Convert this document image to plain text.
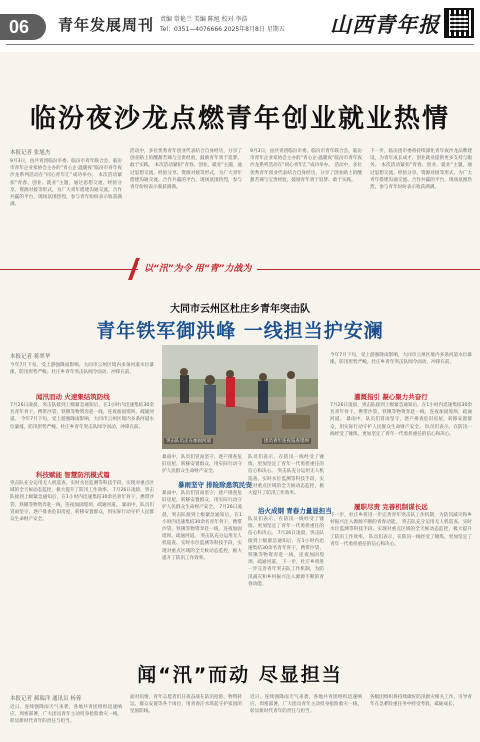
06	青年发展周刊 责编 常艳兰 美编 陈旭 校对 李浩
Tel：0351—4076666 2025年8月8日 星期五 山西青年报
临汾夜沙龙点燃青年创业就业热情
本报记者 张旭杰
9月3日，由共青团临汾市委、临汾市青年联合会、临汾市青年企业家协会主办的“青心企·温暖夜”临汾市青年夜沙龙系列活动在“同心青年汇”成功举办。 本次活动紧扣“青春、创业、就业”主题，通过思想交流、经验分享、资源对接等形式，为广大青年搭建沟通交流、合作共赢的平台，现场氛围热烈，参与青年纷纷表示收获满满。
活动中，多位优秀青年创业代表结合自身经历，分享了创业路上的酸甜苦辣与宝贵经验，鼓励青年勇于追梦、敢于实践。 本次活动紧扣“青春、创业、就业”主题，通过思想交流、经验分享、资源对接等形式，为广大青年搭建沟通交流、合作共赢的平台，现场氛围热烈，参与青年纷纷表示收获满满。
9月3日，由共青团临汾市委、临汾市青年联合会、临汾市青年企业家协会主办的“青心企·温暖夜”临汾市青年夜沙龙系列活动在“同心青年汇”成功举办。 活动中，多位优秀青年创业代表结合自身经历，分享了创业路上的酸甜苦辣与宝贵经验，鼓励青年勇于追梦、敢于实践。
下一步，临汾团市委将持续深化青年夜沙龙品牌建设，为青年成长成才、创业就业提供更多支持与服务。 本次活动紧扣“青春、创业、就业”主题，通过思想交流、经验分享、资源对接等形式，为广大青年搭建沟通交流、合作共赢的平台，现场氛围热烈，参与青年纷纷表示收获满满。
以“汛”为令 用“青”力战为
大同市云州区杜庄乡青年突击队
青年铁军御洪峰 一线担当护安澜
本报记者 蒋翠华
今年7月下旬，受上游强降雨影响，大同市云州区境内多条河道水位暴涨，防汛形势严峻。杜庄乡青年突击队闻令而动、冲锋在前。
闻汛而动 火速集结筑防线
7月26日凌晨，突击队接到上级紧急通知后，在1小时内迅速集结30余名青年骨干，携带沙袋、铁锹等物资奔赴一线，连夜加固堤坝、疏通河道。 今年7月下旬，受上游强降雨影响，大同市云州区境内多条河道水位暴涨，防汛形势严峻。杜庄乡青年突击队闻令而动、冲锋在前。
科技赋能 智慧防汛模式篇
突击队充分运用无人机巡查、实时水位监测等科技手段，实现对重点区域的全天候动态监控，极大提升了防汛工作效率。 7月26日凌晨，突击队接到上级紧急通知后，在1小时内迅速集结30余名青年骨干，携带沙袋、铁锹等物资奔赴一线，连夜加固堤坝、疏通河道。 暴雨中，队员们冒雨坚守，逐户排查危旧房屋，转移安置群众，用实际行动守护人民群众生命财产安全。
突击队员正在加固河道	团员青年连夜巡查堤坝
暴雨中，队员们冒雨坚守，逐户排查危旧房屋，转移安置群众，用实际行动守护人民群众生命财产安全。
暴雨坚守 排险除患筑民安
暴雨中，队员们冒雨坚守，逐户排查危旧房屋，转移安置群众，用实际行动守护人民群众生命财产安全。 7月26日凌晨，突击队接到上级紧急通知后，在1小时内迅速集结30余名青年骨干，携带沙袋、铁锹等物资奔赴一线，连夜加固堤坝、疏通河道。 突击队充分运用无人机巡查、实时水位监测等科技手段，实现对重点区域的全天候动态监控，极大提升了防汛工作效率。
队员们表示，在防汛一线经受了锤炼，更加坚定了青年一代勇担重任的信心和决心。 突击队充分运用无人机巡查、实时水位监测等科技手段，实现对重点区域的全天候动态监控，极大提升了防汛工作效率。
浴火成钢 青春力量显担当
队员们表示，在防汛一线经受了锤炼，更加坚定了青年一代勇担重任的信心和决心。 7月26日凌晨，突击队接到上级紧急通知后，在1小时内迅速集结30余名青年骨干，携带沙袋、铁锹等物资奔赴一线，连夜加固堤坝、疏通河道。 下一步，杜庄乡将进一步完善青年突击队工作机制，为防汛减灾和乡村振兴注入源源不断的青春动能。
今年7月下旬，受上游强降雨影响，大同市云州区境内多条河道水位暴涨，防汛形势严峻。杜庄乡青年突击队闻令而动、冲锋在前。
灌溉指引 凝心聚力共奋行
7月26日凌晨，突击队接到上级紧急通知后，在1小时内迅速集结30余名青年骨干，携带沙袋、铁锹等物资奔赴一线，连夜加固堤坝、疏通河道。 暴雨中，队员们冒雨坚守，逐户排查危旧房屋，转移安置群众，用实际行动守护人民群众生命财产安全。 队员们表示，在防汛一线经受了锤炼，更加坚定了青年一代勇担重任的信心和决心。
履职尽责 完善机制谋长远
下一步，杜庄乡将进一步完善青年突击队工作机制，为防汛减灾和乡村振兴注入源源不断的青春动能。 突击队充分运用无人机巡查、实时水位监测等科技手段，实现对重点区域的全天候动态监控，极大提升了防汛工作效率。 队员们表示，在防汛一线经受了锤炼，更加坚定了青年一代勇担重任的信心和决心。
闻“汛”而动 尽显担当
本报记者 郝瑞洋 通讯员 杨蓉
近日，连续强降雨天气来袭，各地共青团组织迅速响应、周密部署，广大团员青年主动投身抢险救灾一线，彰显新时代青年的责任与担当。
面对汛情，青年志愿者们日夜奋战在防汛抢险、物资转运、群众安置等各个岗位，用青春汗水筑起守护家园的坚固防线。
近日，连续强降雨天气来袭，各地共青团组织迅速响应、周密部署，广大团员青年主动投身抢险救灾一线，彰显新时代青年的责任与担当。
各级团组织将持续做好防汛救灾相关工作，引导青年在急难险重任务中经受考验、砥砺成长。
